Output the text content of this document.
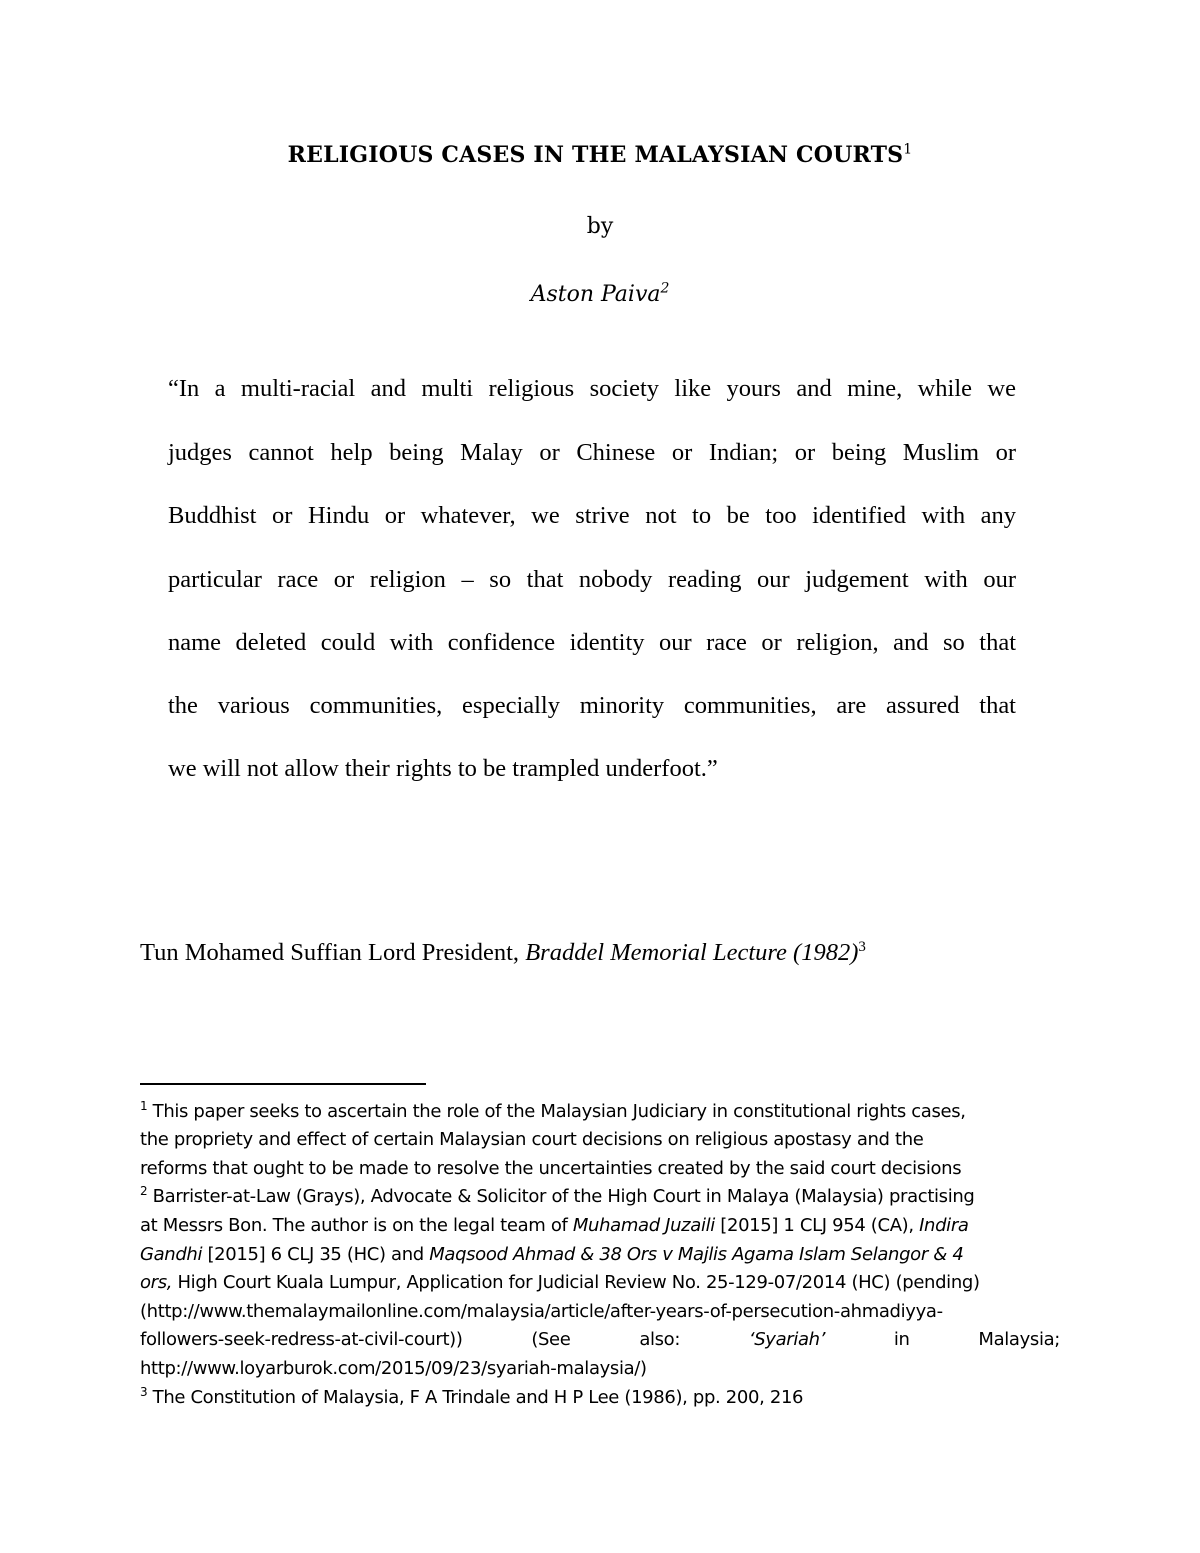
RELIGIOUS CASES IN THE MALAYSIAN COURTS$^1$
by
Aston Paiva$^2$
“In a multi-racial and multi religious society like yours and mine, while we
judges cannot help being Malay or Chinese or Indian; or being Muslim or
Buddhist or Hindu or whatever, we strive not to be too identified with any
particular race or religion – so that nobody reading our judgement with our
name deleted could with confidence identity our race or religion, and so that
the various communities, especially minority communities, are assured that
we will not allow their rights to be trampled underfoot.”
Tun Mohamed Suffian Lord President, Braddel Memorial Lecture $(1982)^3$
$^1$ This paper seeks to ascertain the role of the Malaysian Judiciary in constitutional rights cases,
the propriety and effect of certain Malaysian court decisions on religious apostasy and the
reforms that ought to be made to resolve the uncertainties created by the said court decisions
$^2$ Barrister-at-Law (Grays), Advocate & Solicitor of the High Court in Malaya (Malaysia) practising
at Messrs Bon. The author is on the legal team of Muhamad Juzaili [2015] 1 CLJ 954 (CA), Indira
Gandhi [2015] 6 CLJ 35 (HC) and Maqsood Ahmad & 38 Ors v Majlis Agama Islam Selangor & 4
ors, High Court Kuala Lumpur, Application for Judicial Review No. 25-129-07/2014 (HC) (pending)
(http://www.themalaymailonline.com/malaysia/article/after-years-of-persecution-ahmadiyya-
followers-seek-redress-at-civil-court))	(See	also:	‘Syariah’	in	Malaysia;
http://www.loyarburok.com/2015/09/23/syariah-malaysia/)
$^3$ The Constitution of Malaysia, F A Trindale and H P Lee (1986), pp. 200, 216
